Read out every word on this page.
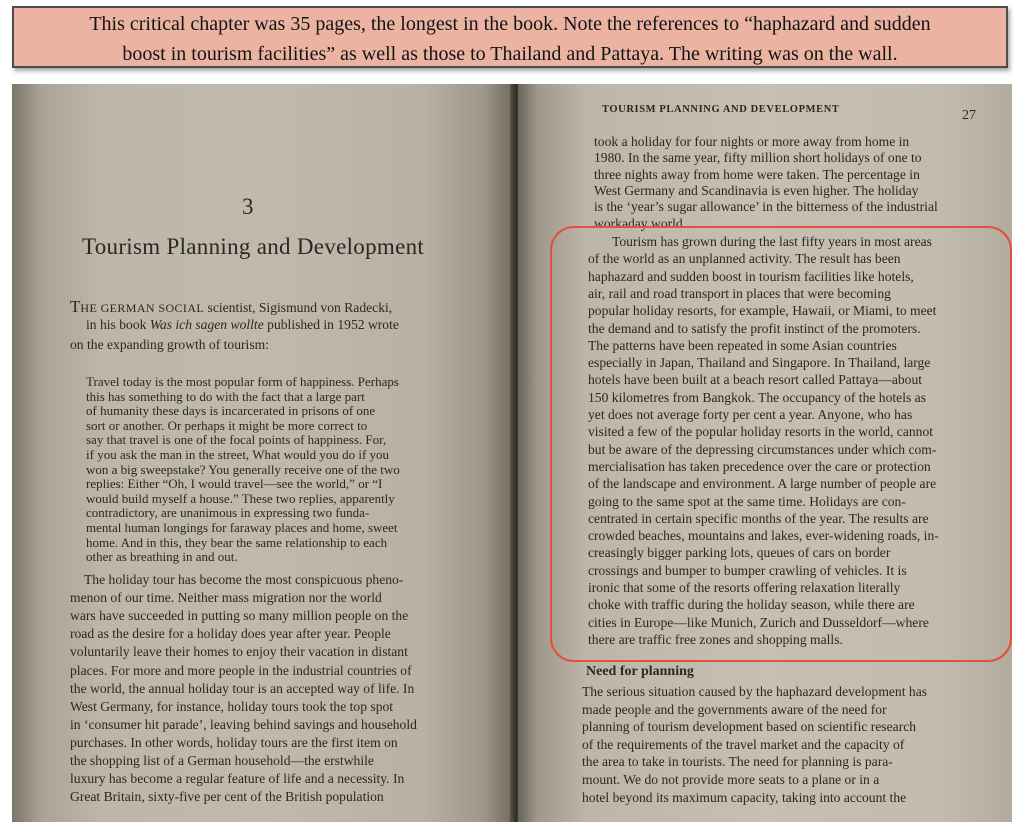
This critical chapter was 35 pages, the longest in the book. Note the references to “haphazard and sudden
boost in tourism facilities” as well as those to Thailand and Pattaya. The writing was on the wall.
3
Tourism Planning and Development
THE GERMAN SOCIAL scientist, Sigismund von Radecki,
in his book Was ich sagen wollte published in 1952 wrote
on the expanding growth of tourism:
Travel today is the most popular form of happiness. Perhaps
this has something to do with the fact that a large part
of humanity these days is incarcerated in prisons of one
sort or another. Or perhaps it might be more correct to
say that travel is one of the focal points of happiness. For,
if you ask the man in the street, What would you do if you
won a big sweepstake? You generally receive one of the two
replies: Either “Oh, I would travel—see the world,” or “I
would build myself a house.” These two replies, apparently
contradictory, are unanimous in expressing two funda-
mental human longings for faraway places and home, sweet
home. And in this, they bear the same relationship to each
other as breathing in and out.
The holiday tour has become the most conspicuous pheno-
menon of our time. Neither mass migration nor the world
wars have succeeded in putting so many million people on the
road as the desire for a holiday does year after year. People
voluntarily leave their homes to enjoy their vacation in distant
places. For more and more people in the industrial countries of
the world, the annual holiday tour is an accepted way of life. In
West Germany, for instance, holiday tours took the top spot
in ‘consumer hit parade’, leaving behind savings and household
purchases. In other words, holiday tours are the first item on
the shopping list of a German household—the erstwhile
luxury has become a regular feature of life and a necessity. In
Great Britain, sixty-five per cent of the British population
TOURISM PLANNING AND DEVELOPMENT	27
took a holiday for four nights or more away from home in
1980. In the same year, fifty million short holidays of one to
three nights away from home were taken. The percentage in
West Germany and Scandinavia is even higher. The holiday
is the ‘year’s sugar allowance’ in the bitterness of the industrial
workaday world.
Tourism has grown during the last fifty years in most areas
of the world as an unplanned activity. The result has been
haphazard and sudden boost in tourism facilities like hotels,
air, rail and road transport in places that were becoming
popular holiday resorts, for example, Hawaii, or Miami, to meet
the demand and to satisfy the profit instinct of the promoters.
The patterns have been repeated in some Asian countries
especially in Japan, Thailand and Singapore. In Thailand, large
hotels have been built at a beach resort called Pattaya—about
150 kilometres from Bangkok. The occupancy of the hotels as
yet does not average forty per cent a year. Anyone, who has
visited a few of the popular holiday resorts in the world, cannot
but be aware of the depressing circumstances under which com-
mercialisation has taken precedence over the care or protection
of the landscape and environment. A large number of people are
going to the same spot at the same time. Holidays are con-
centrated in certain specific months of the year. The results are
crowded beaches, mountains and lakes, ever-widening roads, in-
creasingly bigger parking lots, queues of cars on border
crossings and bumper to bumper crawling of vehicles. It is
ironic that some of the resorts offering relaxation literally
choke with traffic during the holiday season, while there are
cities in Europe—like Munich, Zurich and Dusseldorf—where
there are traffic free zones and shopping malls.
Need for planning
The serious situation caused by the haphazard development has
made people and the governments aware of the need for
planning of tourism development based on scientific research
of the requirements of the travel market and the capacity of
the area to take in tourists. The need for planning is para-
mount. We do not provide more seats to a plane or in a
hotel beyond its maximum capacity, taking into account the
